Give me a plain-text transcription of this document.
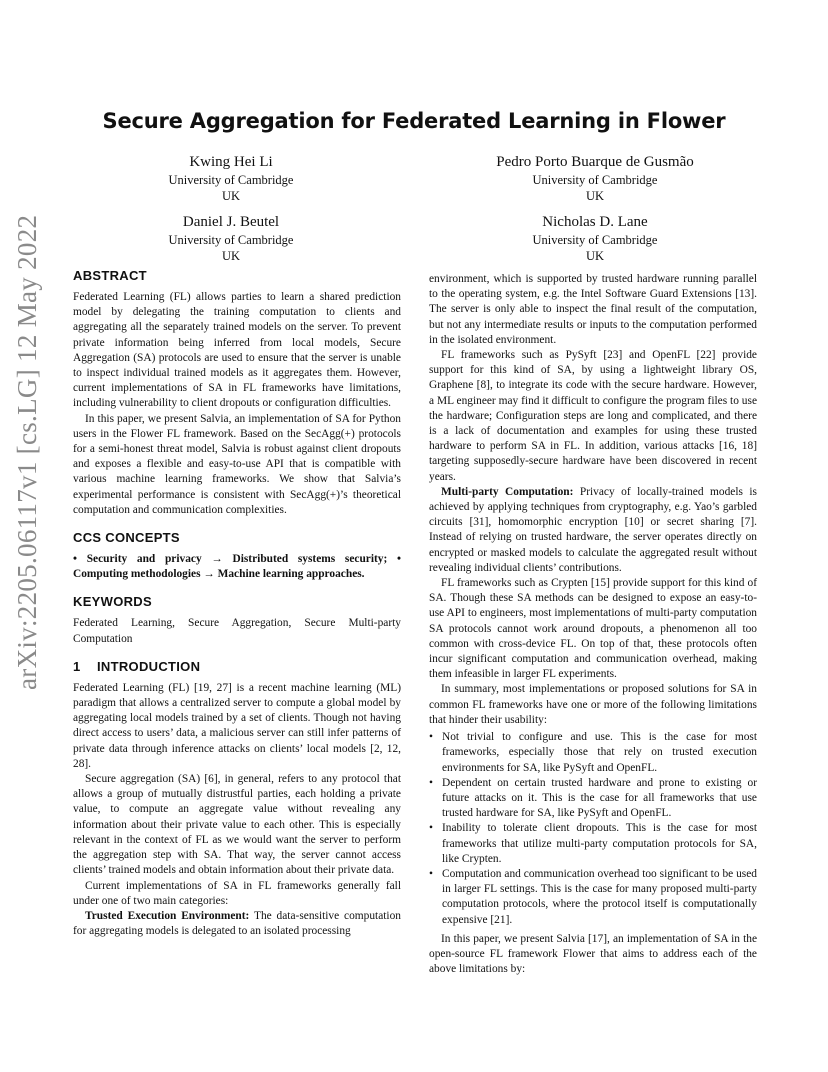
Secure Aggregation for Federated Learning in Flower
Kwing Hei Li
University of Cambridge
UK
Pedro Porto Buarque de Gusmão
University of Cambridge
UK
Daniel J. Beutel
University of Cambridge
UK
Nicholas D. Lane
University of Cambridge
UK
arXiv:2205.06117v1 [cs.LG] 12 May 2022 ABSTRACT

Federated Learning (FL) allows parties to learn a shared prediction model by delegating the training computation to clients and aggregating all the separately trained models on the server. To prevent private information being inferred from local models, Secure Aggregation (SA) protocols are used to ensure that the server is unable to inspect individual trained models as it aggregates them. However, current implementations of SA in FL frameworks have limitations, including vulnerability to client dropouts or configuration difficulties.

In this paper, we present Salvia, an implementation of SA for Python users in the Flower FL framework. Based on the SecAgg(+) protocols for a semi-honest threat model, Salvia is robust against client dropouts and exposes a flexible and easy-to-use API that is compatible with various machine learning frameworks. We show that Salvia’s experimental performance is consistent with SecAgg(+)’s theoretical computation and communication complexities.

CCS CONCEPTS

• Security and privacy → Distributed systems security; • Computing methodologies → Machine learning approaches.

KEYWORDS

Federated Learning, Secure Aggregation, Secure Multi-party Computation

1 INTRODUCTION

Federated Learning (FL) [19, 27] is a recent machine learning (ML) paradigm that allows a centralized server to compute a global model by aggregating local models trained by a set of clients. Though not having direct access to users’ data, a malicious server can still infer patterns of private data through inference attacks on clients’ local models [2, 12, 28].

Secure aggregation (SA) [6], in general, refers to any protocol that allows a group of mutually distrustful parties, each holding a private value, to compute an aggregate value without revealing any information about their private value to each other. This is especially relevant in the context of FL as we would want the server to perform the aggregation step with SA. That way, the server cannot access clients’ trained models and obtain information about their private data.

Current implementations of SA in FL frameworks generally fall under one of two main categories:

Trusted Execution Environment: The data-sensitive computation for aggregating models is delegated to an isolated processing

environment, which is supported by trusted hardware running parallel to the operating system, e.g. the Intel Software Guard Extensions [13]. The server is only able to inspect the final result of the computation, but not any intermediate results or inputs to the computation performed in the isolated environment.

FL frameworks such as PySyft [23] and OpenFL [22] provide support for this kind of SA, by using a lightweight library OS, Graphene [8], to integrate its code with the secure hardware. However, a ML engineer may find it difficult to configure the program files to use the hardware; Configuration steps are long and complicated, and there is a lack of documentation and examples for using these trusted hardware to perform SA in FL. In addition, various attacks [16, 18] targeting supposedly-secure hardware have been discovered in recent years.

Multi-party Computation: Privacy of locally-trained models is achieved by applying techniques from cryptography, e.g. Yao’s garbled circuits [31], homomorphic encryption [10] or secret sharing [7]. Instead of relying on trusted hardware, the server operates directly on encrypted or masked models to calculate the aggregated result without revealing individual clients’ contributions.

FL frameworks such as Crypten [15] provide support for this kind of SA. Though these SA methods can be designed to expose an easy-to-use API to engineers, most implementations of multi-party computation SA protocols cannot work around dropouts, a phenomenon all too common with cross-device FL. On top of that, these protocols often incur significant computation and communication overhead, making them infeasible in larger FL experiments.

In summary, most implementations or proposed solutions for SA in common FL frameworks have one or more of the following limitations that hinder their usability:

• Not trivial to configure and use. This is the case for most frameworks, especially those that rely on trusted execution environments for SA, like PySyft and OpenFL.
• Dependent on certain trusted hardware and prone to existing or future attacks on it. This is the case for all frameworks that use trusted hardware for SA, like PySyft and OpenFL.
• Inability to tolerate client dropouts. This is the case for most frameworks that utilize multi-party computation protocols for SA, like Crypten.
• Computation and communication overhead too significant to be used in larger FL settings. This is the case for many proposed multi-party computation protocols, where the protocol itself is computationally expensive [21].

In this paper, we present Salvia [17], an implementation of SA in the open-source FL framework Flower that aims to address each of the above limitations by:
